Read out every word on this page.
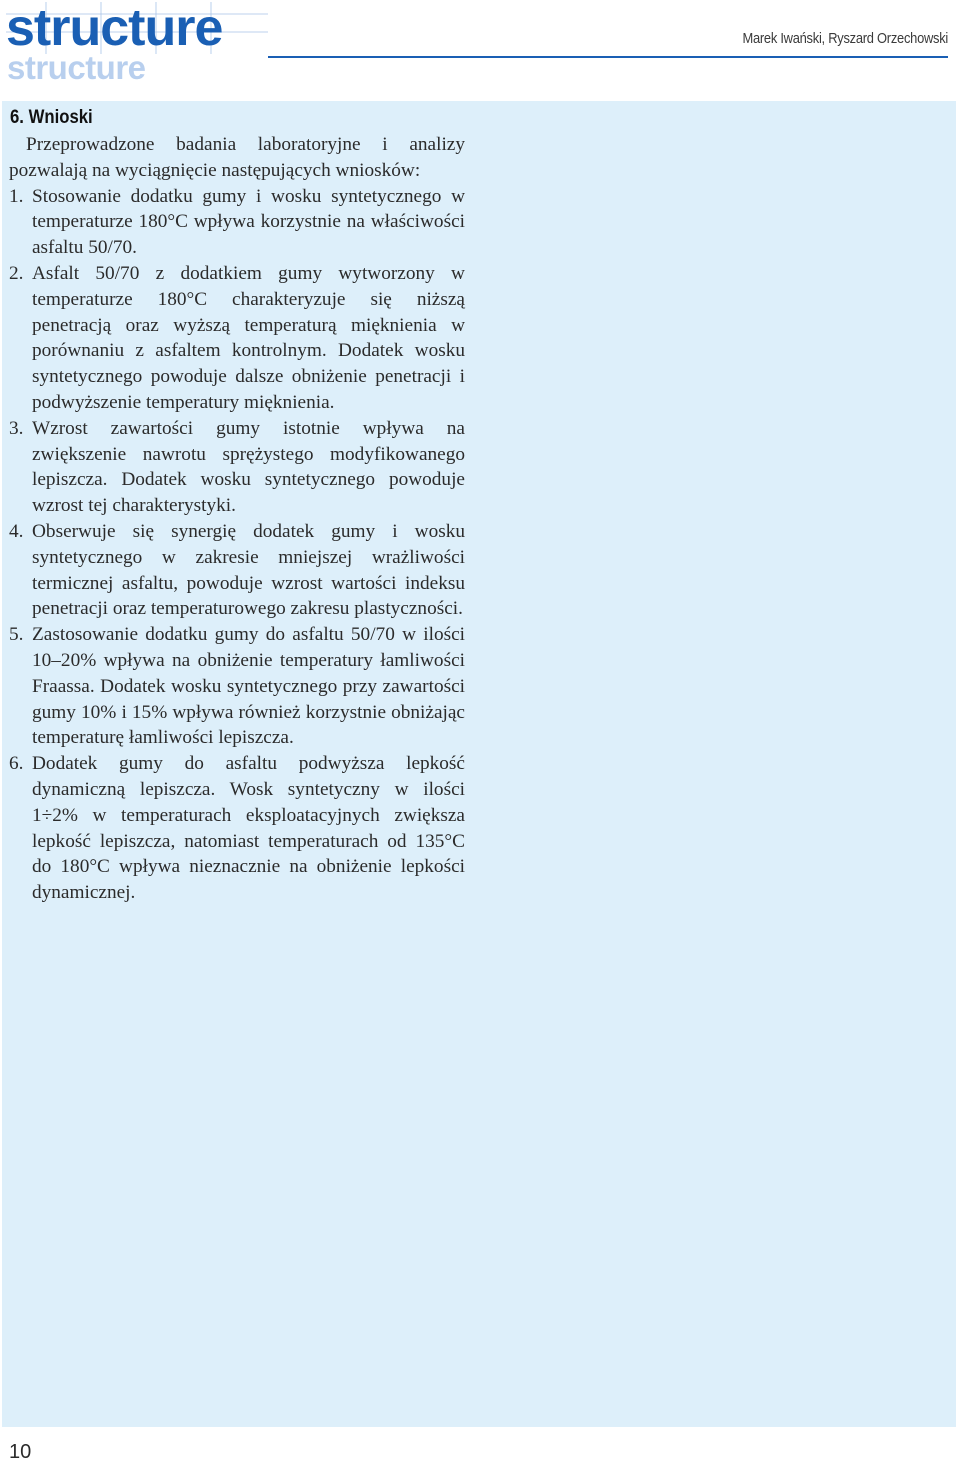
structure
structure
Marek Iwański, Ryszard Orzechowski
6. Wnioski

Przeprowadzone badania laboratoryjne i analizy pozwalają na wyciągnięcie następujących wniosków:

1. Stosowanie dodatku gumy i wosku syntetycznego w temperaturze 180°C wpływa korzystnie na właściwości asfaltu 50/70.
2. Asfalt 50/70 z dodatkiem gumy wytworzony w temperaturze 180°C charakteryzuje się niższą penetracją oraz wyższą temperaturą mięknienia w porównaniu z asfaltem kontrolnym. Dodatek wosku syntetycznego powoduje dalsze obniżenie penetracji i podwyższenie temperatury mięknienia.
3. Wzrost zawartości gumy istotnie wpływa na zwiększenie nawrotu sprężystego modyfikowanego lepiszcza. Dodatek wosku syntetycznego powoduje wzrost tej charakterystyki.
4. Obserwuje się synergię dodatek gumy i wosku syntetycznego w zakresie mniejszej wrażliwości termicznej asfaltu, powoduje wzrost wartości indeksu penetracji oraz temperaturowego zakresu plastyczności.
5. Zastosowanie dodatku gumy do asfaltu 50/70 w ilości 10–20% wpływa na obniżenie temperatury łamliwości Fraassa. Dodatek wosku syntetycznego przy zawartości gumy 10% i 15% wpływa również korzystnie obniżając temperaturę łamliwości lepiszcza.
6. Dodatek gumy do asfaltu podwyższa lepkość dynamiczną lepiszcza. Wosk syntetyczny w ilości 1÷2% w temperaturach eksploatacyjnych zwiększa lepkość lepiszcza, natomiast temperaturach od 135°C do 180°C wpływa nieznacznie na obniżenie lepkości dynamicznej.
10
